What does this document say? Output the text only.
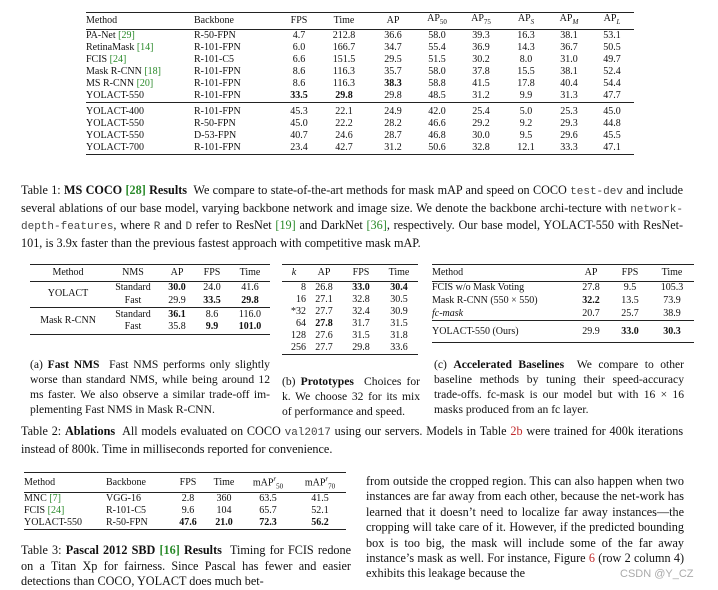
Method	Backbone	FPS	Time	AP	$AP_{50}$	$AP_{75}$	$AP_S$	$AP_M$	$AP_L$

PA-Net [29]	R-50-FPN	4.7	212.8	36.6	58.0	39.3	16.3	38.1	53.1
RetinaMask [14]	R-101-FPN	6.0	166.7	34.7	55.4	36.9	14.3	36.7	50.5
FCIS [24]	R-101-C5	6.6	151.5	29.5	51.5	30.2	8.0	31.0	49.7
Mask R-CNN [18]	R-101-FPN	8.6	116.3	35.7	58.0	37.8	15.5	38.1	52.4
MS R-CNN [20]	R-101-FPN	8.6	116.3	38.3	58.8	41.5	17.8	40.4	54.4
YOLACT-550	R-101-FPN	33.5	29.8	29.8	48.5	31.2	9.9	31.3	47.7

YOLACT-400	R-101-FPN	45.3	22.1	24.9	42.0	25.4	5.0	25.3	45.0
YOLACT-550	R-50-FPN	45.0	22.2	28.2	46.6	29.2	9.2	29.3	44.8
YOLACT-550	D-53-FPN	40.7	24.6	28.7	46.8	30.0	9.5	29.6	45.5
YOLACT-700	R-101-FPN	23.4	42.7	31.2	50.6	32.8	12.1	33.3	47.1

Table 1: MS COCO [28] Results We compare to state-of-the-art methods for mask mAP and speed on COCO test-dev and include several ablations of our base model, varying backbone network and image size. We denote the backbone archi-tecture with network-depth-features, where R and D refer to ResNet [19] and DarkNet [36], respectively. Our base model, YOLACT-550 with ResNet-101, is 3.9x faster than the previous fastest approach with competitive mask mAP.

Method	NMS	AP	FPS	Time

YOLACT	Standard	30.0	24.0	41.6
	Fast	29.9	33.5	29.8

Mask R-CNN	Standard	36.1	8.6	116.0
	Fast	35.8	9.9	101.0

(a) Fast NMS Fast NMS performs only slightly worse than standard NMS, while being around 12 ms faster. We also observe a similar trade-off im-plementing Fast NMS in Mask R-CNN.

k	AP	FPS	Time

8	26.8	33.0	30.4
16	27.1	32.8	30.5
*32	27.7	32.4	30.9
64	27.8	31.7	31.5
128	27.6	31.5	31.8
256	27.7	29.8	33.6

(b) Prototypes Choices for k. We choose 32 for its mix of performance and speed.

Method	AP	FPS	Time

FCIS w/o Mask Voting	27.8	9.5	105.3
Mask R-CNN (550 × 550)	32.2	13.5	73.9
fc-mask	20.7	25.7	38.9

YOLACT-550 (Ours)	29.9	33.0	30.3

(c) Accelerated Baselines We compare to other baseline methods by tuning their speed-accuracy trade-offs. fc-mask is our model but with 16 × 16 masks produced from an fc layer.
Table 2: Ablations All models evaluated on COCO val2017 using our servers. Models in Table 2b were trained for 400k iterations instead of 800k. Time in milliseconds reported for convenience.

Method	Backbone	FPS	Time	mAP$^r_{50}$	mAP$^r_{70}$

MNC [7]	VGG-16	2.8	360	63.5	41.5
FCIS [24]	R-101-C5	9.6	104	65.7	52.1
YOLACT-550	R-50-FPN	47.6	21.0	72.3	56.2

Table 3: Pascal 2012 SBD [16] Results Timing for FCIS redone on a Titan Xp for fairness. Since Pascal has fewer and easier detections than COCO, YOLACT does much bet-
from outside the cropped region. This can also happen when two instances are far away from each other, because the net-work has learned that it doesn’t need to localize far away instances—the cropping will take care of it. However, if the predicted bounding box is too big, the mask will include some of the far away instance’s mask as well. For instance, Figure 6 (row 2 column 4) exhibits this leakage because the	CSDN @Y_CZ
